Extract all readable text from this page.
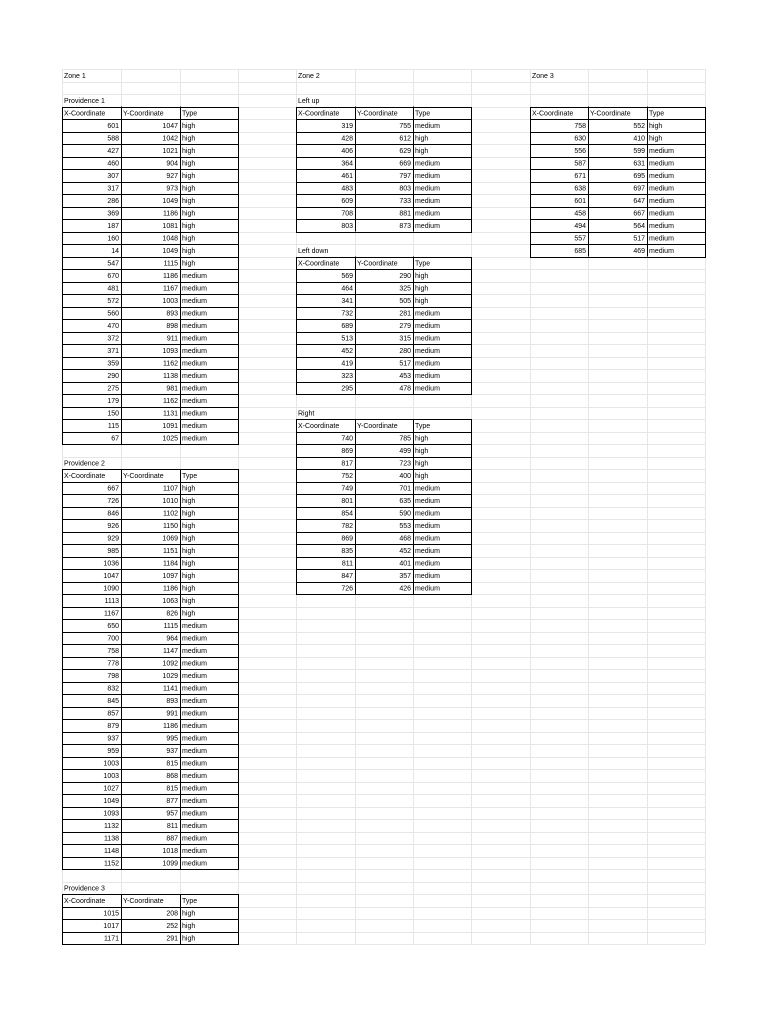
Zone 1
Providence 1
X-Coordinate	Y-Coordinate	Type
601	1047 high
588	1042 high
427	1021 high
460	904 high
307	927 high
317	973 high
286	1049 high
369	1186 high
187	1081 high
160	1048 high
14	1049 high
547	1115 high
670	1186 medium
481	1167 medium
572	1003 medium
560	893 medium
470	898 medium
372	911 medium
371	1093 medium
359	1162 medium
290	1138 medium
275	981 medium
179	1162 medium
150	1131 medium
115	1091 medium
67	1025 medium
Providence 2
X-Coordinate	Y-Coordinate	Type
667	1107 high
726	1010 high
846	1102 high
926	1150 high
929	1069 high
985	1151 high
1036	1184 high
1047	1097 high
1090	1186 high
1113	1063 high
1167	826 high
650	1115 medium
700	964 medium
758	1147 medium
778	1092 medium
798	1029 medium
832	1141 medium
845	893 medium
857	991 medium
879	1186 medium
937	995 medium
959	937 medium
1003	815 medium
1003	868 medium
1027	815 medium
1049	877 medium
1093	957 medium
1132	811 medium
1138	887 medium
1148	1018 medium
1152	1099 medium
Providence 3
X-Coordinate	Y-Coordinate	Type
1015	208 high
1017	252 high
1171	291 high
Zone 2
Left up
X-Coordinate	Y-Coordinate Type
319	755 medium
428	612 high
406	629 high
364	669 medium
461	797 medium
483	803 medium
609	733 medium
708	881 medium
803	873 medium
Left down
X-Coordinate	Y-Coordinate Type
569	290 high
464	325 high
341	505 high
732	281 medium
689	279 medium
513	315 medium
452	280 medium
419	517 medium
323	453 medium
295	478 medium
Right
X-Coordinate	Y-Coordinate Type
740	785 high
869	499 high
817	723 high
752	400 high
749	701 medium
801	635 medium
854	590 medium
782	553 medium
869	468 medium
835	452 medium
811	401 medium
847	357 medium
726	426 medium
Zone 3
X-Coordinate Y-Coordinate	Type
758	552 high
630	410 high
556	599 medium
587	631 medium
671	695 medium
638	697 medium
601	647 medium
458	667 medium
494	564 medium
557	517 medium
685	469 medium
